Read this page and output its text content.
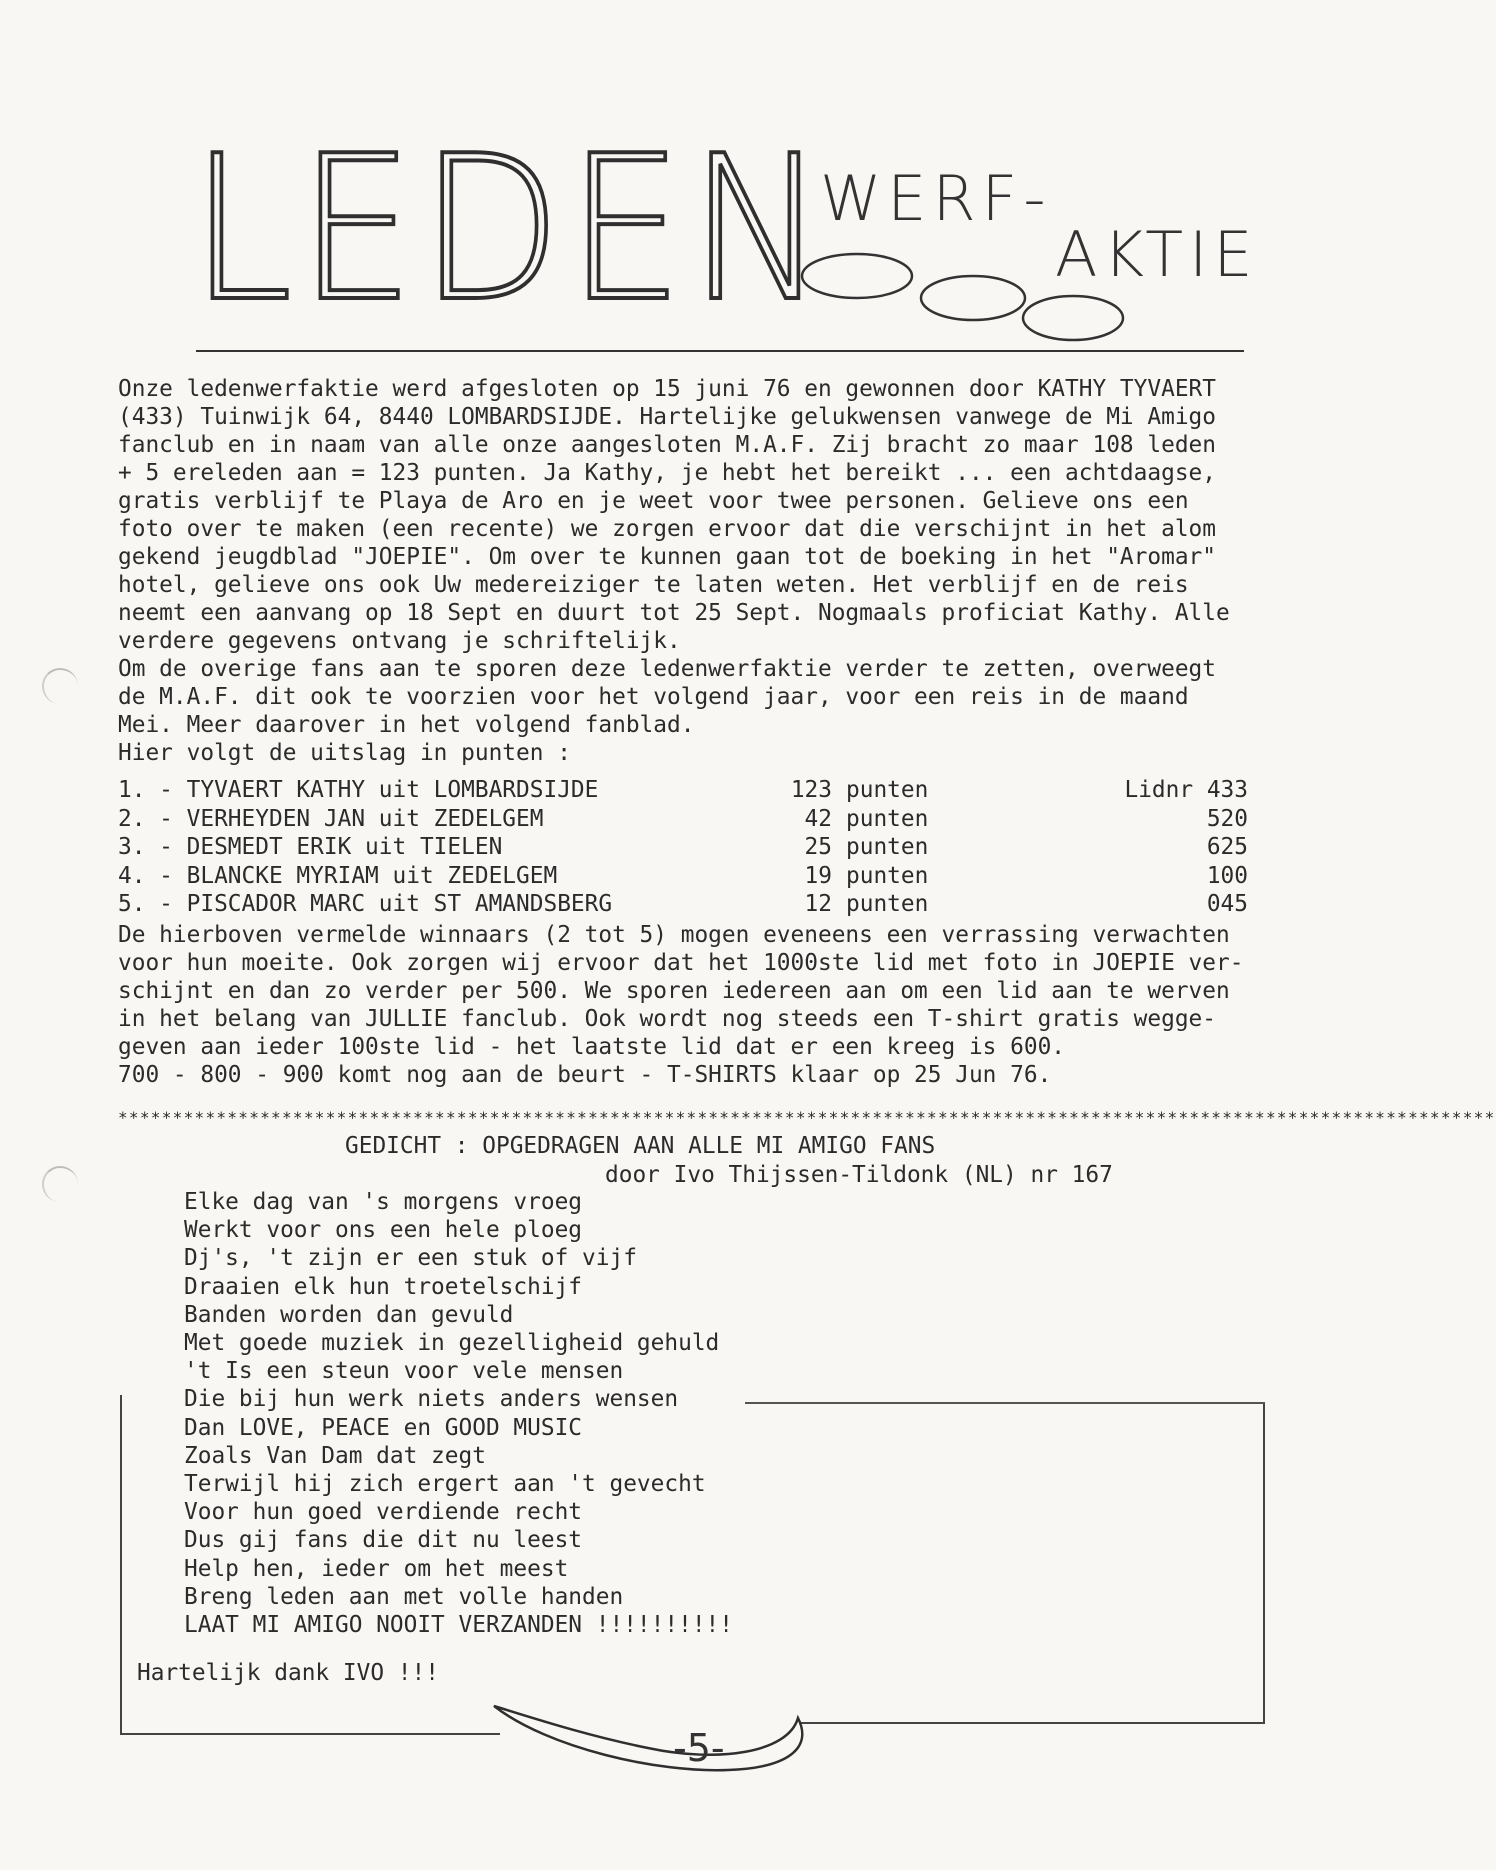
LEDEN
WERF-
AKTIE
Onze ledenwerfaktie werd afgesloten op 15 juni 76 en gewonnen door KATHY TYVAERT
(433) Tuinwijk 64, 8440 LOMBARDSIJDE. Hartelijke gelukwensen vanwege de Mi Amigo
fanclub en in naam van alle onze aangesloten M.A.F. Zij bracht zo maar 108 leden
+ 5 ereleden aan = 123 punten. Ja Kathy, je hebt het bereikt ... een achtdaagse,
gratis verblijf te Playa de Aro en je weet voor twee personen. Gelieve ons een
foto over te maken (een recente) we zorgen ervoor dat die verschijnt in het alom
gekend jeugdblad "JOEPIE". Om over te kunnen gaan tot de boeking in het "Aromar"
hotel, gelieve ons ook Uw medereiziger te laten weten. Het verblijf en de reis
neemt een aanvang op 18 Sept en duurt tot 25 Sept. Nogmaals proficiat Kathy. Alle
verdere gegevens ontvang je schriftelijk.
Om de overige fans aan te sporen deze ledenwerfaktie verder te zetten, overweegt
de M.A.F. dit ook te voorzien voor het volgend jaar, voor een reis in de maand
Mei. Meer daarover in het volgend fanblad.
Hier volgt de uitslag in punten :
1. - TYVAERT KATHY uit LOMBARDSIJDE	123 punten	Lidnr 433
2. - VERHEYDEN JAN uit ZEDELGEM	42 punten	520
3. - DESMEDT ERIK uit TIELEN	25 punten	625
4. - BLANCKE MYRIAM uit ZEDELGEM	19 punten	100
5. - PISCADOR MARC uit ST AMANDSBERG	12 punten	045
De hierboven vermelde winnaars (2 tot 5) mogen eveneens een verrassing verwachten
voor hun moeite. Ook zorgen wij ervoor dat het 1000ste lid met foto in JOEPIE ver-
schijnt en dan zo verder per 500. We sporen iedereen aan om een lid aan te werven
in het belang van JULLIE fanclub. Ook wordt nog steeds een T-shirt gratis wegge-
geven aan ieder 100ste lid - het laatste lid dat er een kreeg is 600.
700 - 800 - 900 komt nog aan de beurt - T-SHIRTS klaar op 25 Jun 76.
******************************************************************************************************************************
GEDICHT : OPGEDRAGEN AAN ALLE MI AMIGO FANS
door Ivo Thijssen-Tildonk (NL) nr 167
Elke dag van 's morgens vroeg
Werkt voor ons een hele ploeg
Dj's, 't zijn er een stuk of vijf
Draaien elk hun troetelschijf
Banden worden dan gevuld
Met goede muziek in gezelligheid gehuld
't Is een steun voor vele mensen
Die bij hun werk niets anders wensen
Dan LOVE, PEACE en GOOD MUSIC
Zoals Van Dam dat zegt
Terwijl hij zich ergert aan 't gevecht
Voor hun goed verdiende recht
Dus gij fans die dit nu leest
Help hen, ieder om het meest
Breng leden aan met volle handen
LAAT MI AMIGO NOOIT VERZANDEN !!!!!!!!!!
Hartelijk dank IVO !!!
-5-
